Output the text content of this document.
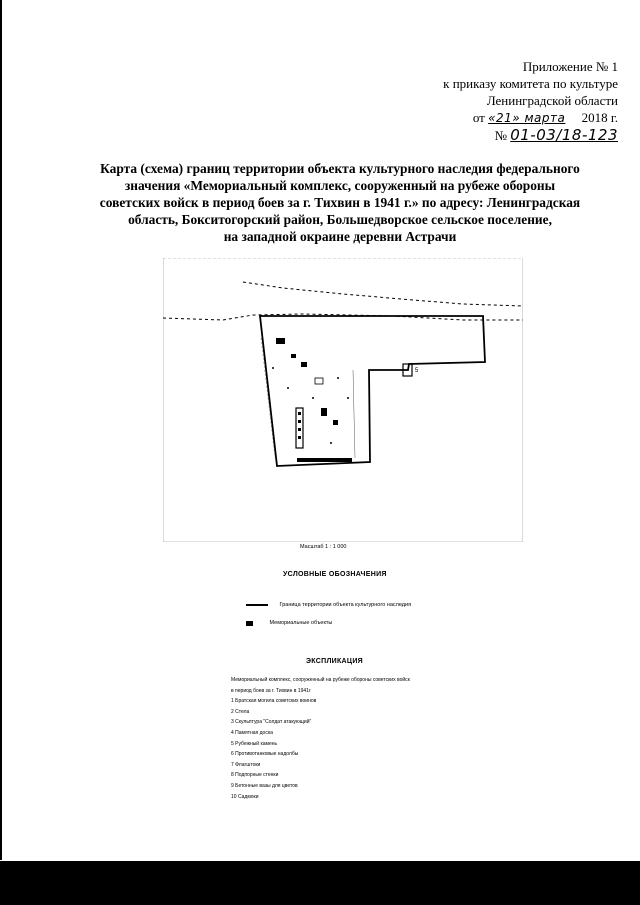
Приложение № 1
к приказу комитета по культуре
Ленинградской области
от «21» марта 2018 г.
№ 01-03/18-123
Карта (схема) границ территории объекта культурного наследия федерального
значения «Мемориальный комплекс, сооруженный на рубеже обороны
советских войск в период боев за г. Тихвин в 1941 г.» по адресу: Ленинградская
область, Бокситогорский район, Большедворское сельское поселение,
на западной окраине деревни Астрачи
5
Масштаб 1 : 1 000
УСЛОВНЫЕ ОБОЗНАЧЕНИЯ
Граница территории объекта культурного наследия
Мемориальные объекты
ЭКСПЛИКАЦИЯ
Мемориальный комплекс, сооруженный на рубеже обороны советских войск
в период боев за г. Тихвин в 1941г
1 Братская могила советских воинов
2 Стела
3 Скульптура "Солдат атакующий"
4 Памятная доска
5 Рубежный камень
6 Противотанковые надолбы
7 Флагштоки
8 Подпорные стенки
9 Бетонные вазы для цветов
10 Садмоки
